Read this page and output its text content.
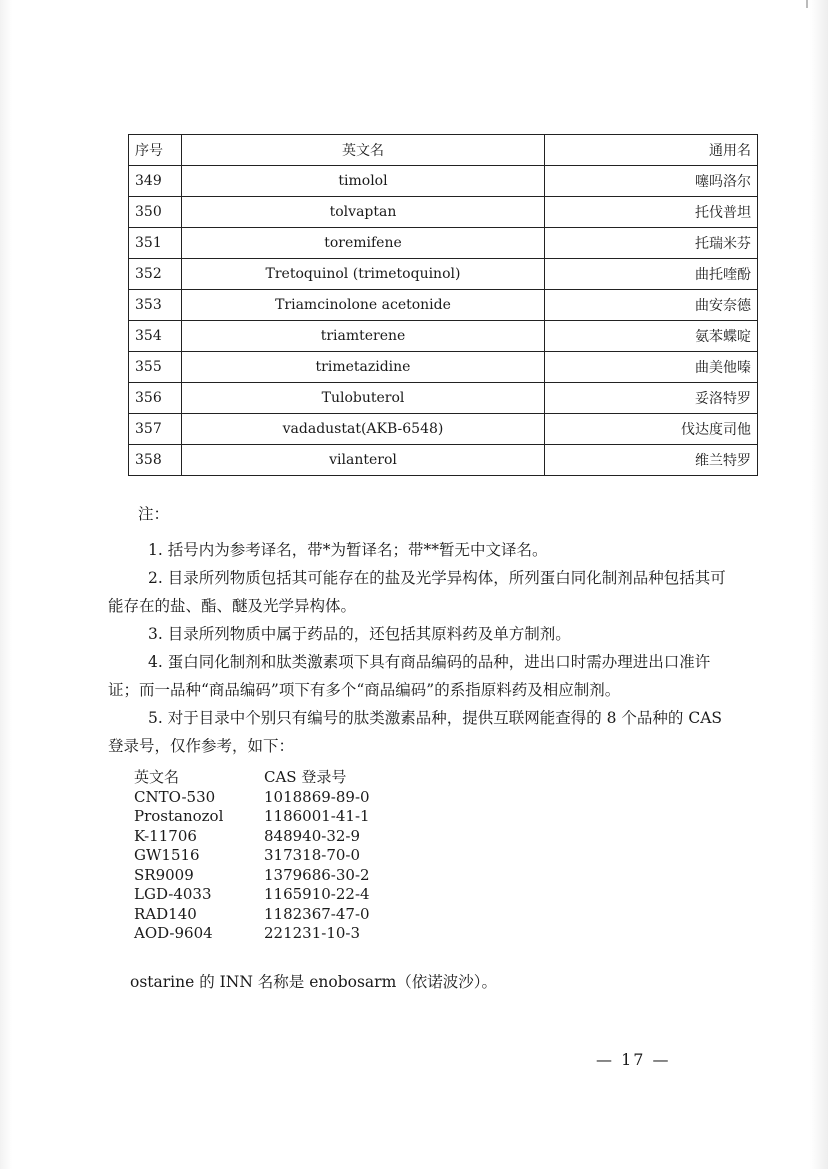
序号	英文名	通用名
349	timolol	噻吗洛尔
350	tolvaptan	托伐普坦
351	toremifene	托瑞米芬
352	Tretoquinol (trimetoquinol)	曲托喹酚
353	Triamcinolone acetonide	曲安奈德
354	triamterene	氨苯蝶啶
355	trimetazidine	曲美他嗪
356	Tulobuterol	妥洛特罗
357	vadadustat(AKB-6548)	伐达度司他
358	vilanterol	维兰特罗

注：

1. 括号内为参考译名，带*为暂译名；带**暂无中文译名。

2. 目录所列物质包括其可能存在的盐及光学异构体，所列蛋白同化制剂品种包括其可能存在的盐、酯、醚及光学异构体。

3. 目录所列物质中属于药品的，还包括其原料药及单方制剂。

4. 蛋白同化制剂和肽类激素项下具有商品编码的品种，进出口时需办理进出口准许证；而一品种“商品编码”项下有多个“商品编码”的系指原料药及相应制剂。

5. 对于目录中个别只有编号的肽类激素品种，提供互联网能查得的 8 个品种的 CAS 登录号，仅作参考，如下：

英文名	CAS 登录号
CNTO-530	1018869-89-0
Prostanozol	1186001-41-1
K-11706	848940-32-9
GW1516	317318-70-0
SR9009	1379686-30-2
LGD-4033	1165910-22-4
RAD140	1182367-47-0
AOD-9604	221231-10-3
ostarine 的 INN 名称是 enobosarm（依诺波沙）。
— 17 —
